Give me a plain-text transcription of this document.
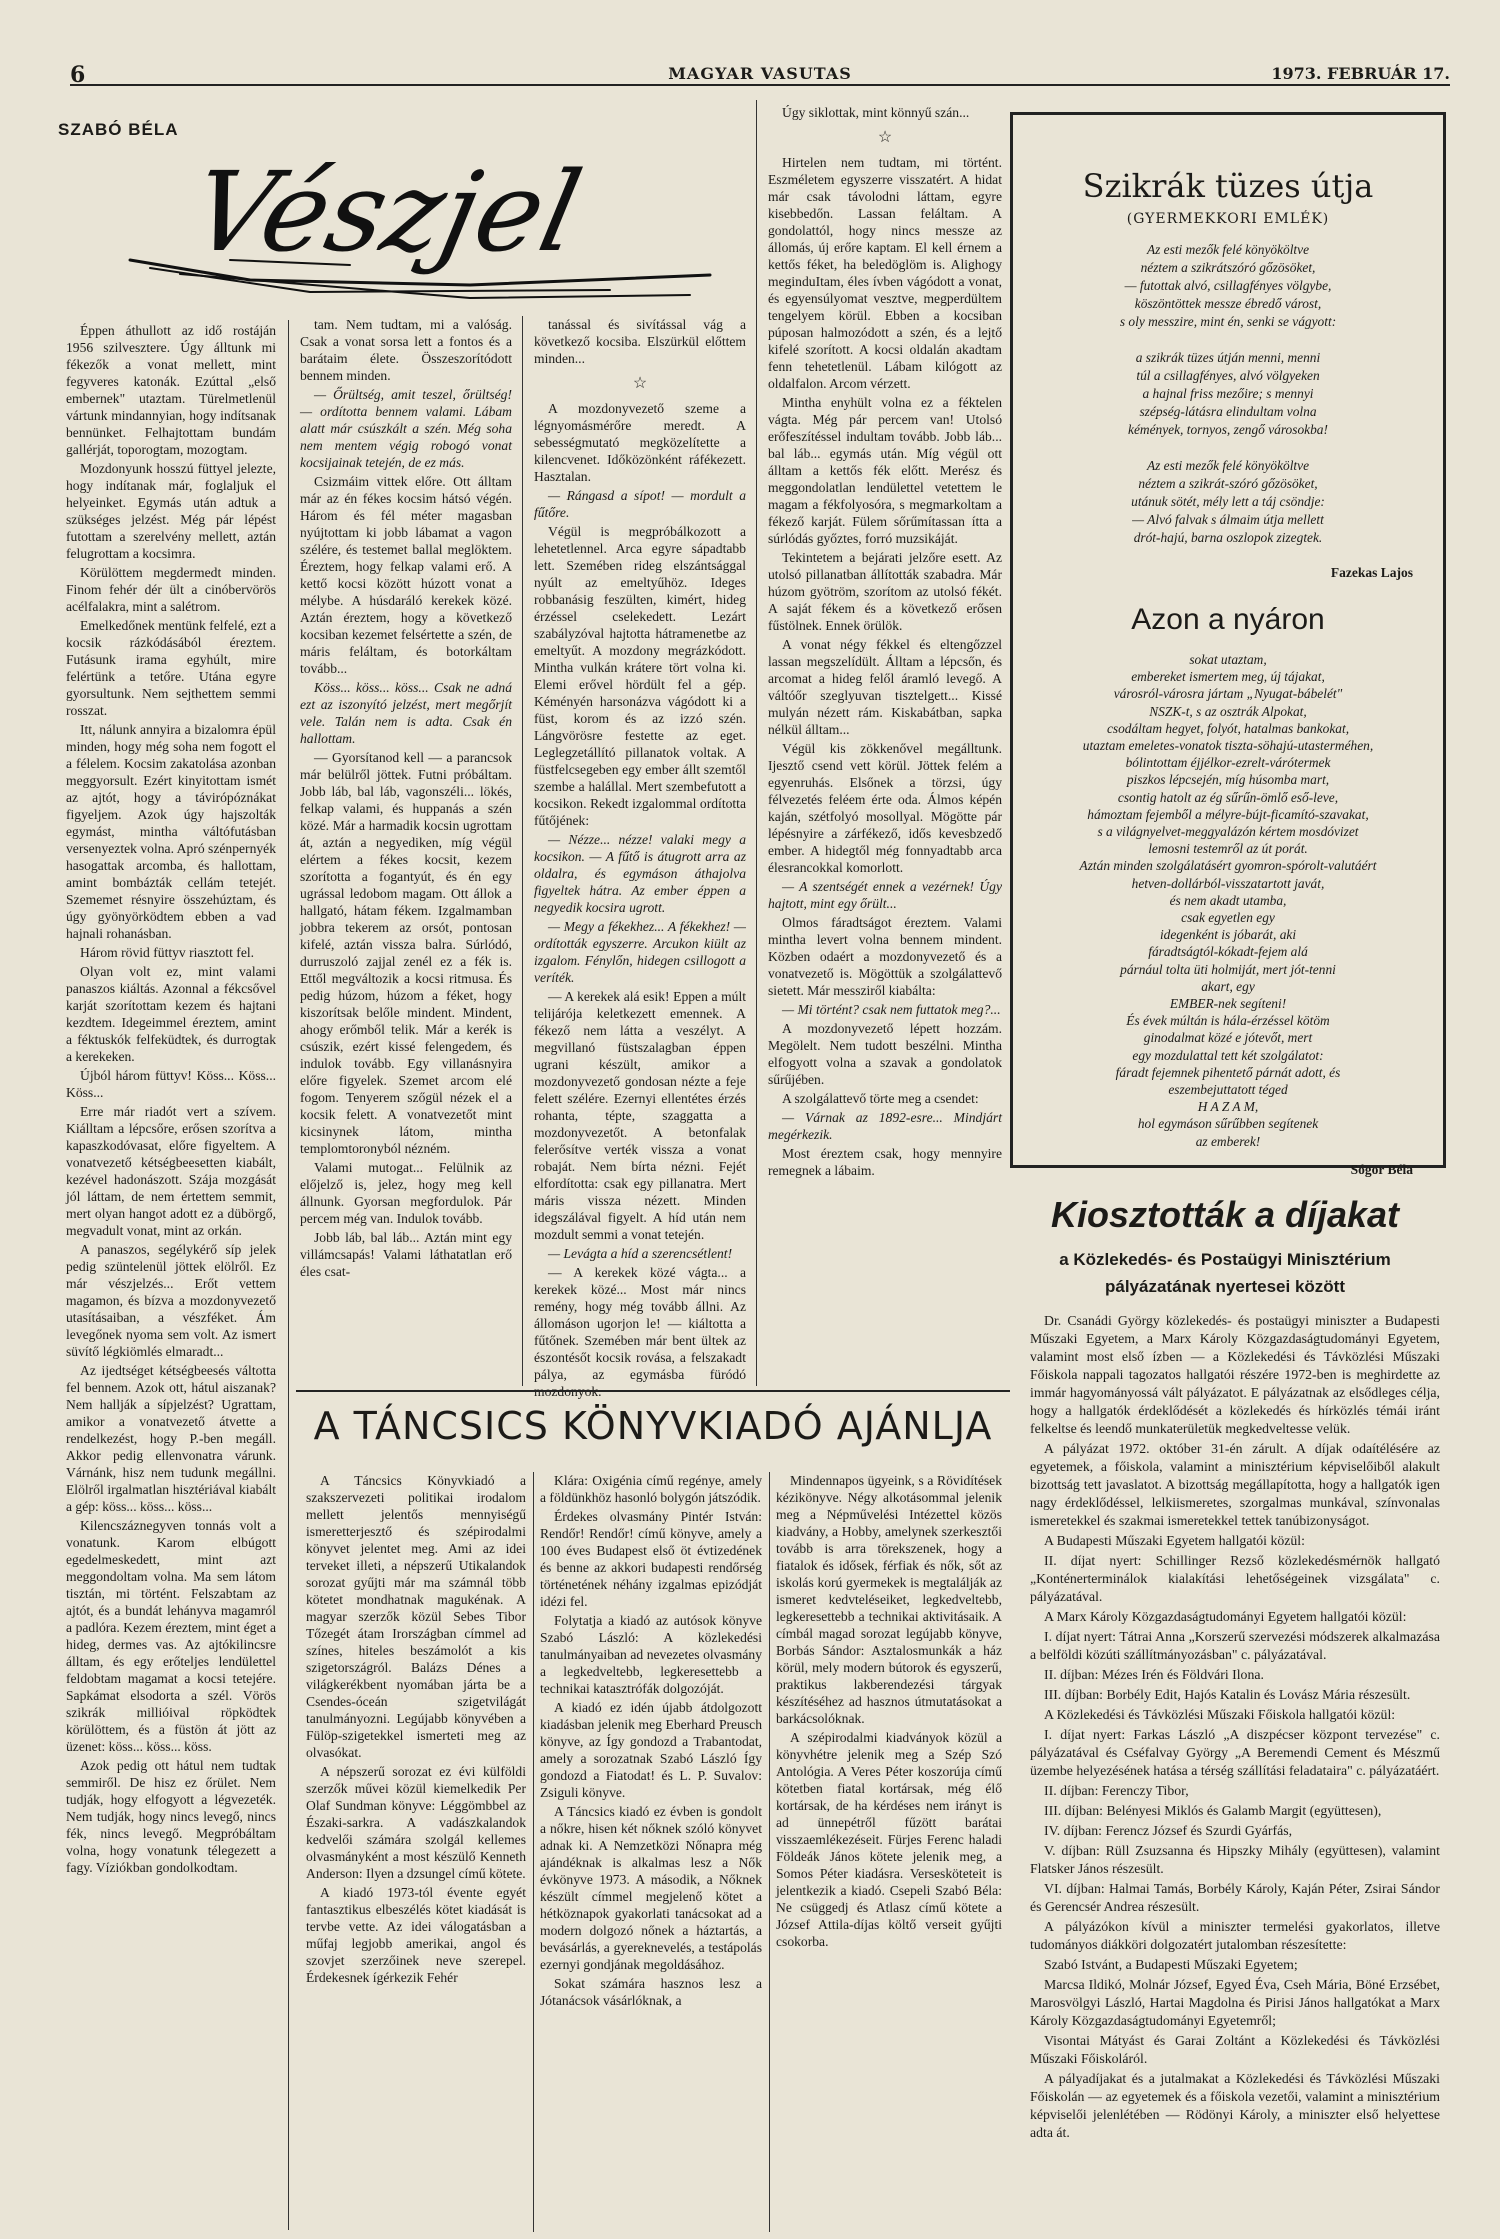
6	MAGYAR VASUTAS	1973. FEBRUÁR 17.
SZABÓ BÉLA
Vészjel

Éppen áthullott az idő rostáján 1956 szilvesztere. Úgy álltunk mi fékezők a vonat mellett, mint fegyveres katonák. Ezúttal „első embernek" utaztam. Türelmetlenül vártunk mindannyian, hogy indítsanak bennünket. Felhajtottam bundám gallérját, toporogtam, mozogtam.

Mozdonyunk hosszú füttyel jelezte, hogy indítanak már, foglaljuk el helyeinket. Egymás után adtuk a szükséges jelzést. Még pár lépést futottam a szerelvény mellett, aztán felugrottam a kocsimra.

Körülöttem megdermedt minden. Finom fehér dér ült a cinóbervörös acélfalakra, mint a salétrom.

Emelkedőnek mentünk felfelé, ezt a kocsik rázkódásából éreztem. Futásunk irama egyhúlt, mire felértünk a tetőre. Utána egyre gyorsultunk. Nem sejthettem semmi rosszat.

Itt, nálunk annyira a bizalomra épül minden, hogy még soha nem fogott el a félelem. Kocsim zakatolása azonban meggyorsult. Ezért kinyitottam ismét az ajtót, hogy a távirópóznákat figyeljem. Azok úgy hajszolták egymást, mintha váltófutásban versenyeztek volna. Apró szénpernyék hasogattak arcomba, és hallottam, amint bombázták cellám tetejét. Szememet résnyire összehúztam, és úgy gyönyörködtem ebben a vad hajnali rohanásban.

Három rövid füttyv riasztott fel.

Olyan volt ez, mint valami panaszos kiáltás. Azonnal a fékcsővel karját szorítottam kezem és hajtani kezdtem. Idegeimmel éreztem, amint a féktuskók felfeküdtek, és durrogtak a kerekeken.

Újból három füttyv! Köss... Köss... Köss...

Erre már riadót vert a szívem. Kiálltam a lépcsőre, erősen szorítva a kapaszkodóvasat, előre figyeltem. A vonatvezető kétségbeesetten kiabált, kezével hadonászott. Szája mozgását jól láttam, de nem értettem semmit, mert olyan hangot adott ez a dübörgő, megvadult vonat, mint az orkán.

A panaszos, segélykérő síp jelek pedig szüntelenül jöttek elölről. Ez már vészjelzés... Erőt vettem magamon, és bízva a mozdonyvezető utasításaiban, a vészféket. Ám levegőnek nyoma sem volt. Az ismert süvítő légkiömlés elmaradt...

Az ijedtséget kétségbeesés váltotta fel bennem. Azok ott, hátul aiszanak? Nem hallják a sípjelzést? Ugrattam, amikor a vonatvezető átvette a rendelkezést, hogy P.-ben megáll. Akkor pedig ellenvonatra várunk. Várnánk, hisz nem tudunk megállni. Elölről irgalmatlan hisztériával kiabált a gép: köss... köss... köss...

Kilencszáznegyven tonnás volt a vonatunk. Karom elbúgott egedelmeskedett, mint azt meggondoltam volna. Ma sem látom tisztán, mi történt. Felszabtam az ajtót, és a bundát lehányva magamról a padlóra. Kezem éreztem, mint éget a hideg, dermes vas. Az ajtókilincsre álltam, és egy erőteljes lendülettel feldobtam magamat a kocsi tetejére. Sapkámat elsodorta a szél. Vörös szikrák millióival röpködtek körülöttem, és a füstön át jött az üzenet: köss... köss... köss.

Azok pedig ott hátul nem tudtak semmiről. De hisz ez őrület. Nem tudják, hogy elfogyott a légvezeték. Nem tudják, hogy nincs levegő, nincs fék, nincs levegő. Megpróbáltam volna, hogy vonatunk télegezett a fagy. Víziókban gondolkodtam.

tam. Nem tudtam, mi a valóság. Csak a vonat sorsa lett a fontos és a barátaim élete. Összeszorítódott bennem minden.

— Őrültség, amit teszel, őrültség! — ordította bennem valami. Lábam alatt már csúszkált a szén. Még soha nem mentem végig robogó vonat kocsijainak tetején, de ez más.

Csizmáim vittek előre. Ott álltam már az én fékes kocsim hátsó végén. Három és fél méter magasban nyújtottam ki jobb lábamat a vagon szélére, és testemet ballal meglöktem. Éreztem, hogy felkap valami erő. A kettő kocsi között húzott vonat a mélybe. A húsdaráló kerekek közé. Aztán éreztem, hogy a következő kocsiban kezemet felsértette a szén, de máris feláltam, és botorkáltam tovább...

Köss... köss... köss... Csak ne adná ezt az iszonyító jelzést, mert megőrjít vele. Talán nem is adta. Csak én hallottam.

— Gyorsítanod kell — a parancsok már belülről jöttek. Futni próbáltam. Jobb láb, bal láb, vagonszéli... lökés, felkap valami, és huppanás a szén közé. Már a harmadik kocsin ugrottam át, aztán a negyediken, míg végül elértem a fékes kocsit, kezem szorította a fogantyút, és én egy ugrással ledobom magam. Ott állok a hallgató, hátam fékem. Izgalmamban jobbra tekerem az orsót, pontosan kifelé, aztán vissza balra. Súrlódó, durruszoló zajjal zenél ez a fék is. Ettől megváltozik a kocsi ritmusa. És pedig húzom, húzom a féket, hogy kiszorítsak belőle mindent. Mindent, ahogy erőmből telik. Már a kerék is csúszik, ezért kissé felengedem, és indulok tovább. Egy villanásnyira előre figyelek. Szemet arcom elé fogom. Tenyerem szőgül nézek el a kocsik felett. A vonatvezetőt mint kicsinynek látom, mintha templomtoronyból nézném.

Valami mutogat... Felülnik az előjelző is, jelez, hogy meg kell állnunk. Gyorsan megfordulok. Pár percem még van. Indulok tovább.

Jobb láb, bal láb... Aztán mint egy villámcsapás! Valami láthatatlan erő éles csat-

tanással és sivítással vág a következő kocsiba. Elszürkül előttem minden...

☆

A mozdonyvezető szeme a légnyomásmérőre meredt. A sebességmutató megközelítette a kilencvenet. Időközönként ráfékezett. Hasztalan.

— Rángasd a sípot! — mordult a fűtőre.

Végül is megpróbálkozott a lehetetlennel. Arca egyre sápadtabb lett. Szemében rideg elszántsággal nyúlt az emeltyűhöz. Ideges robbanásig feszülten, kimért, hideg érzéssel cselekedett. Lezárt szabályzóval hajtotta hátramenetbe az emeltyűt. A mozdony megrázkódott. Mintha vulkán krátere tört volna ki. Elemi erővel hördült fel a gép. Kéményén harsonázva vágódott ki a füst, korom és az izzó szén. Lángvörösre festette az eget. Leglegzetállító pillanatok voltak. A füstfelcsegeben egy ember állt szemtől szembe a halállal. Mert szembefutott a kocsikon. Rekedt izgalommal ordította fűtőjének:

— Nézze... nézze! valaki megy a kocsikon. — A fűtő is átugrott arra az oldalra, és egymáson áthajolva figyeltek hátra. Az ember éppen a negyedik kocsira ugrott.

— Megy a fékekhez... A fékekhez! — ordították egyszerre. Arcukon kiült az izgalom. Fénylőn, hidegen csillogott a veríték.

— A kerekek alá esik! Eppen a múlt telijárója keletkezett emennek. A fékező nem látta a veszélyt. A megvillanó füstszalagban éppen ugrani készült, amikor a mozdonyvezető gondosan nézte a feje felett szélére. Ezernyi ellentétes érzés rohanta, tépte, szaggatta a mozdonyvezetőt. A betonfalak felerősítve verték vissza a vonat robaját. Nem bírta nézni. Fejét elfordította: csak egy pillanatra. Mert máris vissza nézett. Minden idegszálával figyelt. A híd után nem mozdult semmi a vonat tetején.

— Levágta a híd a szerencsétlent!

— A kerekek közé vágta... a kerekek közé... Most már nincs remény, hogy még tovább állni. Az állomáson ugorjon le! — kiáltotta a fűtőnek. Szemében már bent ültek az észontésőt kocsik rovása, a felszakadt pálya, az egymásba füródó

Úgy siklottak, mint könnyű szán...

☆

Hirtelen nem tudtam, mi történt. Eszméletem egyszerre visszatért. A hidat már csak távolodni láttam, egyre kisebbedőn. Lassan feláltam. A gondolattól, hogy nincs messze az állomás, új erőre kaptam. El kell érnem a kettős féket, ha beledöglöm is. Alighogy meginduItam, éles ívben vágódott a vonat, és egyensúlyomat vesztve, megperdültem tengelyem körül. Ebben a kocsiban púposan halmozódott a szén, és a lejtő kifelé szorított. A kocsi oldalán akadtam fenn tehetetlenül. Lábam kilógott az oldalfalon. Arcom vérzett.

Mintha enyhült volna ez a féktelen vágta. Még pár percem van! Utolsó erőfeszítéssel indultam tovább. Jobb láb... bal láb... egymás után. Míg végül ott álltam a kettős fék előtt. Merész és meggondolatlan lendülettel vetettem le magam a fékfolyosóra, s megmarkoltam a fékező karját. Fülem sőrűmítassan ítta a súrlódás győztes, forró muzsikáját.

Tekintetem a bejárati jelzőre esett. Az utolsó pillanatban állították szabadra. Már húzom gyötröm, szorítom az utolsó fékét. A saját fékem és a következő erősen fűstölnek. Ennek örülök.

A vonat négy fékkel és eltengőzzel lassan megszelídült. Álltam a lépcsőn, és arcomat a hideg felől áramló levegő. A váltóőr szeglyuvan tisztelgett... Kissé mulyán nézett rám. Kiskabátban, sapka nélkül álltam...

Végül kis zökkenővel megálltunk. Ijesztő csend vett körül. Jöttek felém a egyenruhás. Elsőnek a törzsi, úgy félvezetés feléem érte oda. Álmos képén kaján, szétfolyó mosollyal. Mögötte pár lépésnyire a zárfékező, idős kevesbzedő ember. A hidegtől még fonnyadtabb arca élesrancokkal komorlott.

— A szentségét ennek a vezérnek! Úgy hajtott, mint egy őrült...

Olmos fáradtságot éreztem. Valami mintha levert volna bennem mindent. Közben odaért a mozdonyvezető és a vonatvezető is. Mögöttük a szolgálattevő sietett. Már messziről kiabálta:

— Mi történt? csak nem futtatok meg?...

A mozdonyvezető lépett hozzám. Megölelt. Nem tudott beszélni. Mintha elfogyott volna a szavak a gondolatok sűrűjében.

A szolgálattevő törte meg a csendet:

— Várnak az 1892-esre... Mindjárt megérkezik.

Most éreztem csak, hogy mennyire remegnek a lábaim.

Szikrák tüzes útja
(GYERMEKKORI EMLÉK)
Az esti mezők felé könyököltve
néztem a szikrátszóró gőzösöket,
— futottak alvó, csillagfényes völgybe,
köszöntöttek messze ébredő várost,
s oly messzire, mint én, senki se vágyott:

a szikrák tüzes útján menni, menni
túl a csillagfényes, alvó völgyeken
a hajnal friss mezőire; s mennyi
szépség-látásra elindultam volna
kémények, tornyos, zengő városokba!

Az esti mezők felé könyököltve
néztem a szikrát-szóró gőzösöket,
utánuk sötét, mély lett a táj csöndje:
— Alvó falvak s álmaim útja mellett
drót-hajú, barna oszlopok zizegtek.
Fazekas Lajos
Azon a nyáron
sokat utaztam,
embereket ismertem meg, új tájakat,
városról-városra jártam „Nyugat-bábelét"
NSZK-t, s az osztrák Alpokat,
csodáltam hegyet, folyót, hatalmas bankokat,
utaztam emeletes-vonatok tiszta-söhajú-utasterméhen,
bólintottam éjjélkor-ezrelt-várótermek
piszkos lépcsején, míg húsomba mart,
csontig hatolt az ég sűrűn-ömlő eső-leve,
hámoztam fejemből a mélyre-bújt-ficamító-szavakat,
s a világnyelvet-meggyalázón kértem mosdóvizet
lemosni testemről az út porát.
Aztán minden szolgálatásért gyomron-spórolt-valutáért
hetven-dollárból-visszatartott javát,
és nem akadt utamba,
csak egyetlen egy
idegenként is jóbarát, aki
fáradtságtól-kókadt-fejem alá
párnául tolta üti holmiját, mert jót-tenni
akart, egy
EMBER-nek segíteni!
És évek múltán is hála-érzéssel kötöm
ginodalmat közé e jótevőt, mert
egy mozdulattal tett két szolgálatot:
fáradt fejemnek pihentető párnát adott, és
eszembejuttatott téged
H A Z A M,
hol egymáson sűrűbben segítenek
az emberek!
Sógor Béla
Kiosztották a díjakat
a Közlekedés- és Postaügyi Minisztérium
pályázatának nyertesei között

Dr. Csanádi György közlekedés- és postaügyi miniszter a Budapesti Műszaki Egyetem, a Marx Károly Közgazdaságtudományi Egyetem, valamint most első ízben — a Közlekedési és Távközlési Műszaki Főiskola nappali tagozatos hallgatói részére 1972-ben is meghirdette az immár hagyományossá vált pályázatot. E pályázatnak az elsődleges célja, hogy a hallgatók érdeklődését a közlekedés és hírközlés témái iránt felkeltse és leendő munkaterületük megkedveltesse velük.

A pályázat 1972. október 31-én zárult. A díjak odaítélésére az egyetemek, a főiskola, valamint a minisztérium képviselőiből alakult bizottság tett javaslatot. A bizottság megállapította, hogy a hallgatók igen nagy érdeklődéssel, lelkiismeretes, szorgalmas munkával, színvonalas ismeretekkel és szakmai ismeretekkel tettek tanúbizonyságot.

A Budapesti Műszaki Egyetem hallgatói közül:

II. díjat nyert: Schillinger Rezső közlekedésmérnök hallgató „Konténerterminálok kialakítási lehetőségeinek vizsgálata" c. pályázatával.

A Marx Károly Közgazdaságtudományi Egyetem hallgatói közül:

I. díjat nyert: Tátrai Anna „Korszerű szervezési módszerek alkalmazása a belföldi közúti szállítmányozásban" c. pályázatával.

II. díjban: Mézes Irén és Földvári Ilona.

III. díjban: Borbély Edit, Hajós Katalin és Lovász Mária részesült.

A Közlekedési és Távközlési Műszaki Főiskola hallgatói közül:

I. díjat nyert: Farkas László „A diszpécser központ tervezése" c. pályázatával és Cséfalvay György „A Beremendi Cement és Mészmű üzembe helyezésének hatása a térség szállítási feladataira" c. pályázatáért.

II. díjban: Ferenczy Tibor,

III. díjban: Belényesi Miklós és Galamb Margit (együttesen),

IV. díjban: Ferencz József és Szurdi Gyárfás,

V. díjban: Rüll Zsuzsanna és Hipszky Mihály (együttesen), valamint Flatsker János részesült.

VI. díjban: Halmai Tamás, Borbély Károly, Kaján Péter, Zsirai Sándor és Gerencsér Andrea részesült.

A pályázókon kívül a miniszter termelési gyakorlatos, illetve tudományos diákköri dolgozatért jutalomban részesítette:

Szabó Istvánt, a Budapesti Műszaki Egyetem;

Marcsa Ildikó, Molnár József, Egyed Éva, Cseh Mária, Böné Erzsébet, Marosvölgyi László, Hartai Magdolna és Pirisi János hallgatókat a Marx Károly Közgazdaságtudományi Egyetemről;

Visontai Mátyást és Garai Zoltánt a Közlekedési és Távközlési Műszaki Főiskoláról.

A pályadíjakat és a jutalmakat a Közlekedési és Távközlési Műszaki Főiskolán — az egyetemek és a főiskola vezetői, valamint a minisztérium képviselői jelenlétében — Rödönyi Károly, a miniszter első helyettese adta át.

A TÁNCSICS KÖNYVKIADÓ AJÁNLJA

A Táncsics Könyvkiadó a szakszervezeti politikai irodalom mellett jelentős mennyiségű ismeretterjesztő és szépirodalmi könyvet jelentet meg. Ami az idei terveket illeti, a népszerű Utikalandok sorozat gyűjti már ma számnál több kötetet mondhatnak magukénak. A magyar szerzők közül Sebes Tibor Tőzegét átam Irországban címmel ad színes, hiteles beszámolót a kis szigetországról. Balázs Dénes a világkerékbent nyomában járta be a Csendes-óceán szigetvilágát tanulmányozni. Legújabb könyvében a Fülöp-szigetekkel ismerteti meg az olvasókat.

A népszerű sorozat ez évi külföldi szerzők művei közül kiemelkedik Per Olaf Sundman könyve: Léggömbbel az Északi-sarkra. A vadászkalandok kedvelői számára szolgál kellemes olvasmányként a most készülő Kenneth Anderson: Ilyen a dzsungel című kötete.

A kiadó 1973-tól évente egyét fantasztikus elbeszélés kötet kiadását is tervbe vette. Az idei válogatásban a műfaj legjobb amerikai, angol és szovjet szerzőinek neve szerepel. Érdekesnek ígérkezik Fehér

Klára: Oxigénia című regénye, amely a földünkhöz hasonló bolygón játszódik.

Érdekes olvasmány Pintér István: Rendőr! Rendőr! című könyve, amely a 100 éves Budapest első öt évtizedének és benne az akkori budapesti rendőrség történetének néhány izgalmas epizódját idézi fel.

Folytatja a kiadó az autósok könyve Szabó László: A közlekedési tanulmányaiban ad nevezetes olvasmány a legkedveltebb, legkeresettebb a technikai katasztrófák dolgozóját.

A kiadó ez idén újabb átdolgozott kiadásban jelenik meg Eberhard Preusch könyve, az Így gondozd a Trabantodat, amely a sorozatnak Szabó László Így gondozd a Fiatodat! és L. P. Suvalov: Zsiguli könyve.

A Táncsics kiadó ez évben is gondolt a nőkre, hisen két nőknek szóló könyvet adnak ki. A Nemzetközi Nőnapra még ajándéknak is alkalmas lesz a Nők évkönyve 1973. A második, a Nőknek készült címmel megjelenő kötet a hétköznapok gyakorlati tanácsokat ad a modern dolgozó nőnek a háztartás, a bevásárlás, a gyereknevelés, a testápolás ezernyi gondjának megoldásához.

Sokat számára hasznos lesz a Jótanácsok vásárlóknak, a

Mindennapos ügyeink, s a Rövidítések kézikönyve. Négy alkotásommal jelenik meg a Népművelési Intézettel közös kiadvány, a Hobby, amelynek szerkesztői tovább is arra törekszenek, hogy a fiatalok és idősek, férfiak és nők, sőt az iskolás korú gyermekek is megtalálják az ismeret kedvteléseiket, legkedveltebb, legkeresettebb a technikai aktivitásaik. A címbál magad sorozat legújabb könyve, Borbás Sándor: Asztalosmunkák a ház körül, mely modern bútorok és egyszerű, praktikus lakberendezési tárgyak készítéséhez ad hasznos útmutatásokat a barkácsolóknak.

A szépirodalmi kiadványok közül a könyvhétre jelenik meg a Szép Szó Antológia. A Veres Péter koszorúja című kötetben fiatal kortársak, még élő kortársak, de ha kérdéses nem irányt is ad ünnepétről fűzött barátai visszaemlékezéseit. Fürjes Ferenc haladi Földeák János kötete jelenik meg, a Somos Péter kiadásra. Versesköteteit is jelentkezik a kiadó. Csepeli Szabó Béla: Ne csüggedj és Atlasz című kötete a József Attila-díjas költő verseit gyűjti csokorba.
